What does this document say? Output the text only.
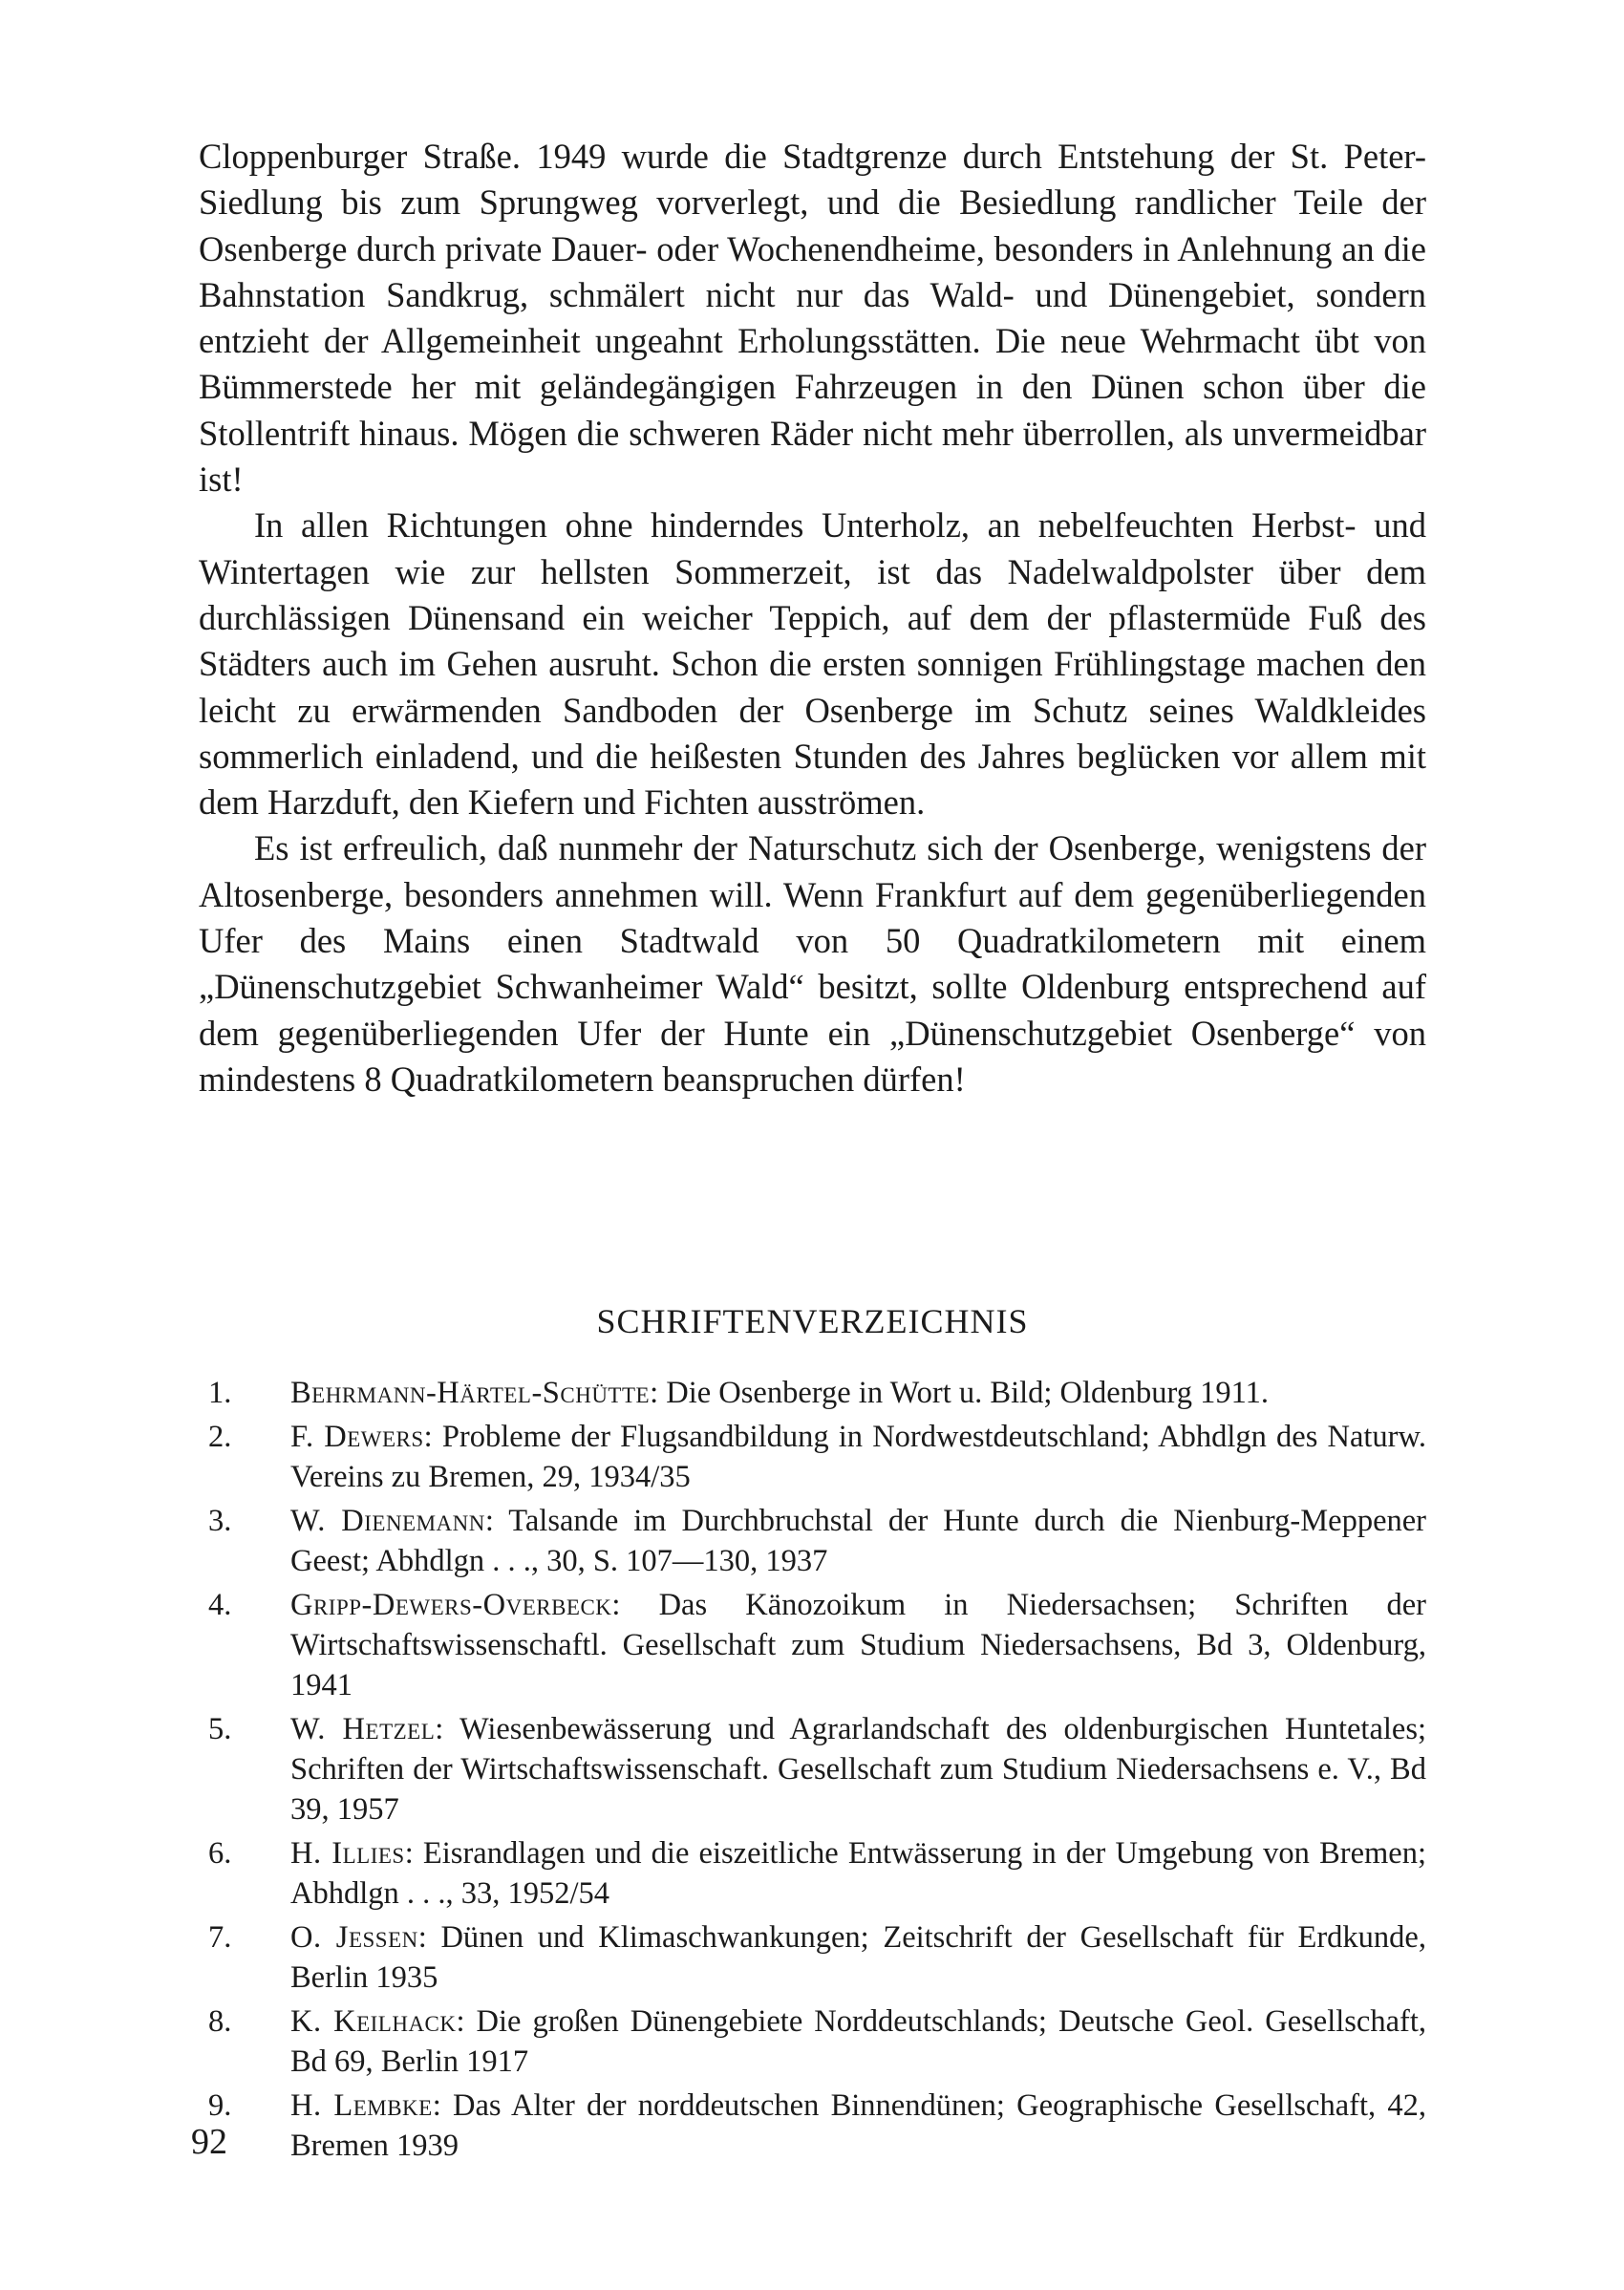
Cloppenburger Straße. 1949 wurde die Stadtgrenze durch Entstehung der St. Peter-Siedlung bis zum Sprungweg vorverlegt, und die Besiedlung randlicher Teile der Osenberge durch private Dauer- oder Wochenendheime, besonders in Anlehnung an die Bahnstation Sandkrug, schmälert nicht nur das Wald- und Dünengebiet, sondern entzieht der Allgemeinheit ungeahnt Erholungsstätten. Die neue Wehrmacht übt von Bümmerstede her mit geländegängigen Fahrzeugen in den Dünen schon über die Stollentrift hinaus. Mögen die schweren Räder nicht mehr überrollen, als unvermeidbar ist!

In allen Richtungen ohne hinderndes Unterholz, an nebelfeuchten Herbst- und Wintertagen wie zur hellsten Sommerzeit, ist das Nadelwaldpolster über dem durchlässigen Dünensand ein weicher Teppich, auf dem der pflastermüde Fuß des Städters auch im Gehen ausruht. Schon die ersten sonnigen Frühlingstage machen den leicht zu erwärmenden Sandboden der Osenberge im Schutz seines Waldkleides sommerlich einladend, und die heißesten Stunden des Jahres beglücken vor allem mit dem Harzduft, den Kiefern und Fichten ausströmen.

Es ist erfreulich, daß nunmehr der Naturschutz sich der Osenberge, wenigstens der Altosenberge, besonders annehmen will. Wenn Frankfurt auf dem gegenüberliegenden Ufer des Mains einen Stadtwald von 50 Quadratkilometern mit einem „Dünenschutzgebiet Schwanheimer Wald“ besitzt, sollte Oldenburg entsprechend auf dem gegenüberliegenden Ufer der Hunte ein „Dünenschutzgebiet Osenberge“ von mindestens 8 Quadratkilometern beanspruchen dürfen!

SCHRIFTENVERZEICHNIS
1. Behrmann-Härtel-Schütte: Die Osenberge in Wort u. Bild; Oldenburg 1911.
2. F. Dewers: Probleme der Flugsandbildung in Nordwestdeutschland; Abhdlgn des Naturw. Vereins zu Bremen, 29, 1934/35
3. W. Dienemann: Talsande im Durchbruchstal der Hunte durch die Nienburg-Meppener Geest; Abhdlgn . . ., 30, S. 107—130, 1937
4. Gripp-Dewers-Overbeck: Das Känozoikum in Niedersachsen; Schriften der Wirtschaftswissenschaftl. Gesellschaft zum Studium Niedersachsens, Bd 3, Oldenburg, 1941
5. W. Hetzel: Wiesenbewässerung und Agrarlandschaft des oldenburgischen Huntetales; Schriften der Wirtschaftswissenschaft. Gesellschaft zum Studium Niedersachsens e. V., Bd 39, 1957
6. H. Illies: Eisrandlagen und die eiszeitliche Entwässerung in der Umgebung von Bremen; Abhdlgn . . ., 33, 1952/54
7. O. Jessen: Dünen und Klimaschwankungen; Zeitschrift der Gesellschaft für Erdkunde, Berlin 1935
8. K. Keilhack: Die großen Dünengebiete Norddeutschlands; Deutsche Geol. Gesellschaft, Bd 69, Berlin 1917
9. H. Lembke: Das Alter der norddeutschen Binnendünen; Geographische Gesellschaft, 42, Bremen 1939
92
